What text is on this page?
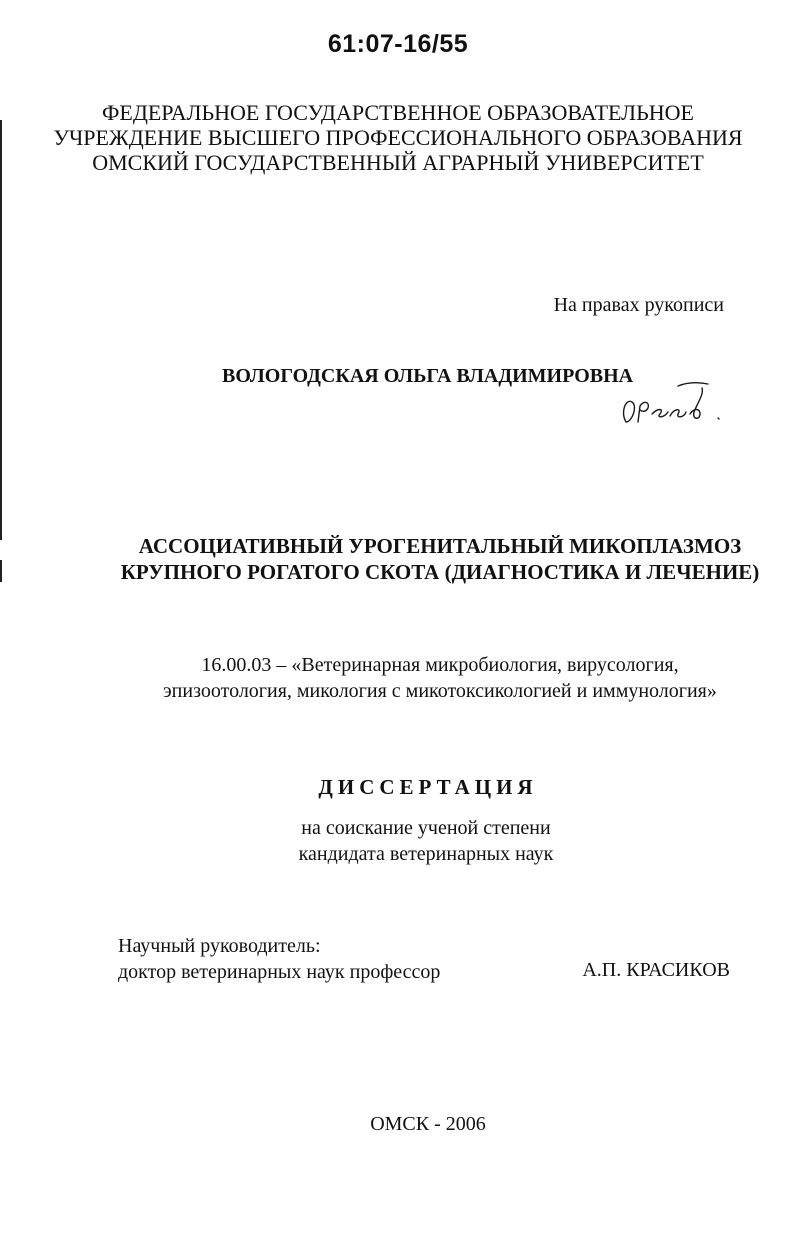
61:07-16/55
ФЕДЕРАЛЬНОЕ ГОСУДАРСТВЕННОЕ ОБРАЗОВАТЕЛЬНОЕ
УЧРЕЖДЕНИЕ ВЫСШЕГО ПРОФЕССИОНАЛЬНОГО ОБРАЗОВАНИЯ
ОМСКИЙ ГОСУДАРСТВЕННЫЙ АГРАРНЫЙ УНИВЕРСИТЕТ
На правах рукописи
ВОЛОГОДСКАЯ ОЛЬГА ВЛАДИМИРОВНА
АССОЦИАТИВНЫЙ УРОГЕНИТАЛЬНЫЙ МИКОПЛАЗМОЗ
КРУПНОГО РОГАТОГО СКОТА (ДИАГНОСТИКА И ЛЕЧЕНИЕ)
16.00.03 – «Ветеринарная микробиология, вирусология,
эпизоотология, микология с микотоксикологией и иммунология»
ДИССЕРТАЦИЯ
на соискание ученой степени
кандидата ветеринарных наук
Научный руководитель:
доктор ветеринарных наук профессор	А.П. КРАСИКОВ
ОМСК - 2006
